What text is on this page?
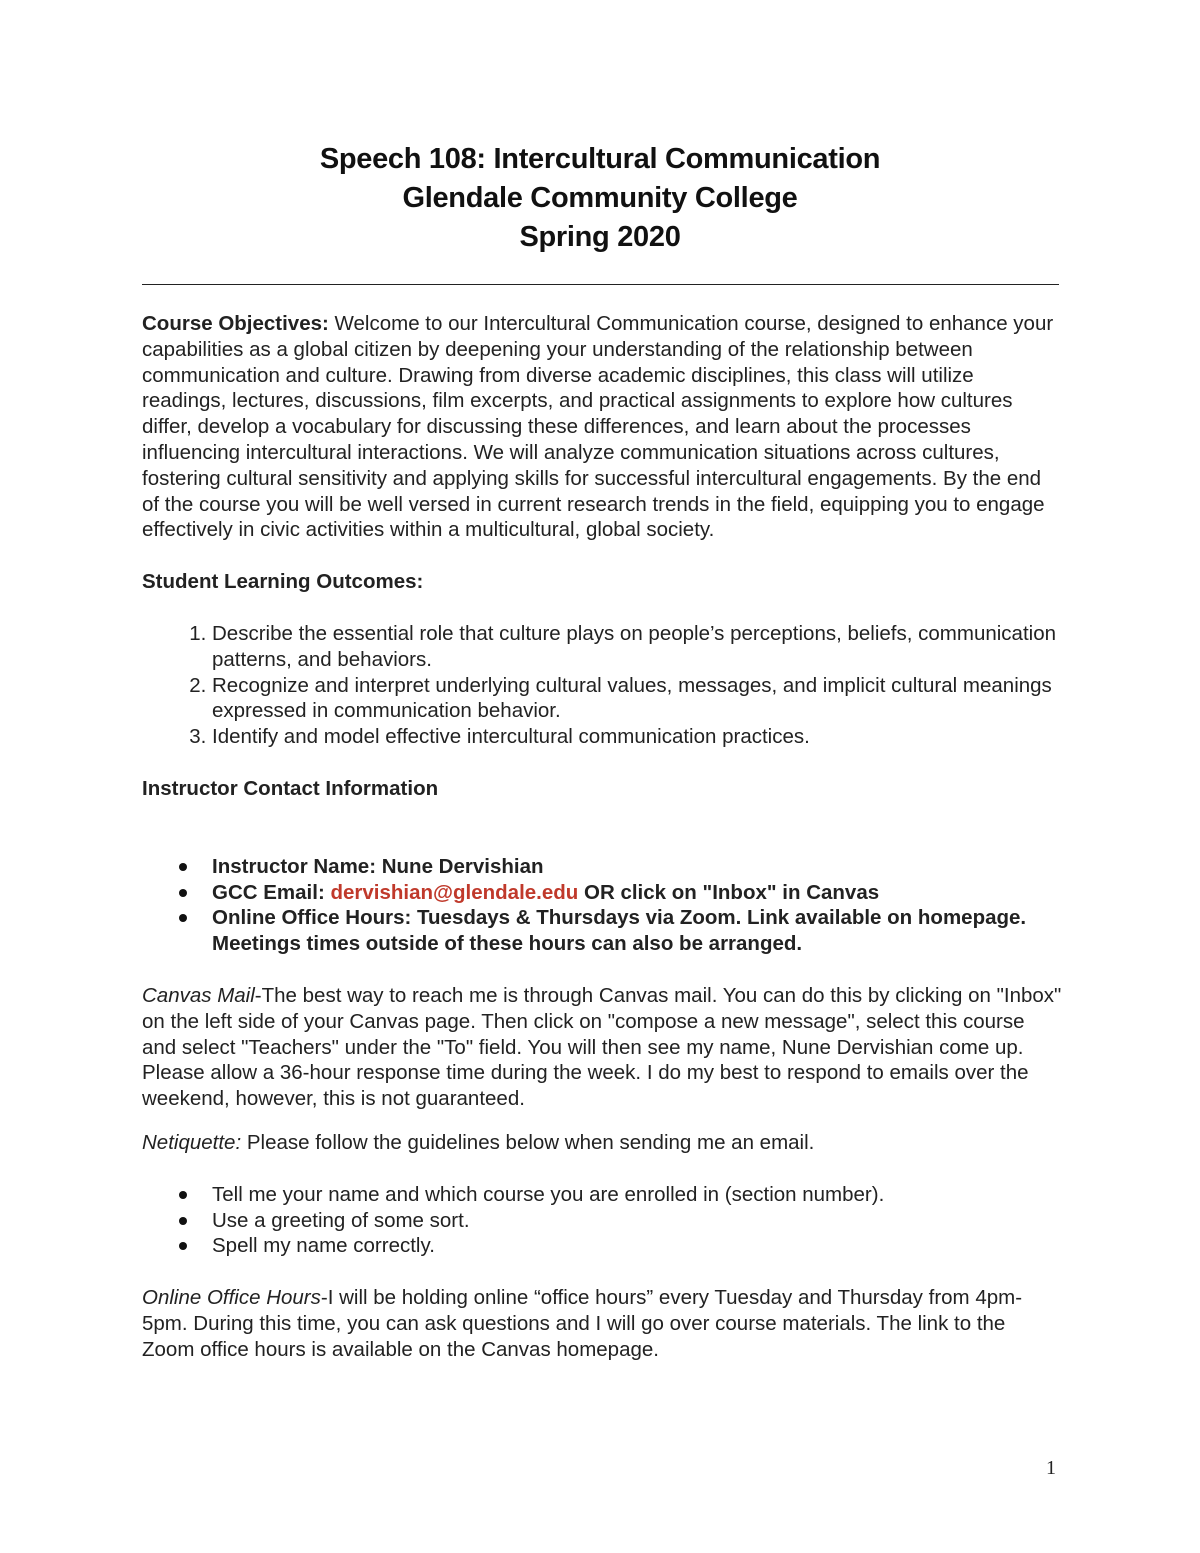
Speech 108: Intercultural Communication
Glendale Community College
Spring 2020

Course Objectives: Welcome to our Intercultural Communication course, designed to enhance your capabilities as a global citizen by deepening your understanding of the relationship between communication and culture. Drawing from diverse academic disciplines, this class will utilize readings, lectures, discussions, film excerpts, and practical assignments to explore how cultures differ, develop a vocabulary for discussing these differences, and learn about the processes influencing intercultural interactions. We will analyze communication situations across cultures, fostering cultural sensitivity and applying skills for successful intercultural engagements. By the end of the course you will be well versed in current research trends in the field, equipping you to engage effectively in civic activities within a multicultural, global society.

Student Learning Outcomes:

1. Describe the essential role that culture plays on people’s perceptions, beliefs, communication patterns, and behaviors.
2. Recognize and interpret underlying cultural values, messages, and implicit cultural meanings expressed in communication behavior.
3. Identify and model effective intercultural communication practices.

Instructor Contact Information

Instructor Name: Nune Dervishian
GCC Email: dervishian@glendale.edu OR click on "Inbox" in Canvas
Online Office Hours: Tuesdays & Thursdays via Zoom. Link available on homepage. Meetings times outside of these hours can also be arranged.

Canvas Mail-The best way to reach me is through Canvas mail. You can do this by clicking on "Inbox" on the left side of your Canvas page. Then click on "compose a new message", select this course and select "Teachers" under the "To" field. You will then see my name, Nune Dervishian come up. Please allow a 36-hour response time during the week. I do my best to respond to emails over the weekend, however, this is not guaranteed.

Netiquette: Please follow the guidelines below when sending me an email.

Tell me your name and which course you are enrolled in (section number).
Use a greeting of some sort.
Spell my name correctly.

Online Office Hours-I will be holding online “office hours” every Tuesday and Thursday from 4pm-5pm. During this time, you can ask questions and I will go over course materials. The link to the Zoom office hours is available on the Canvas homepage.

1
